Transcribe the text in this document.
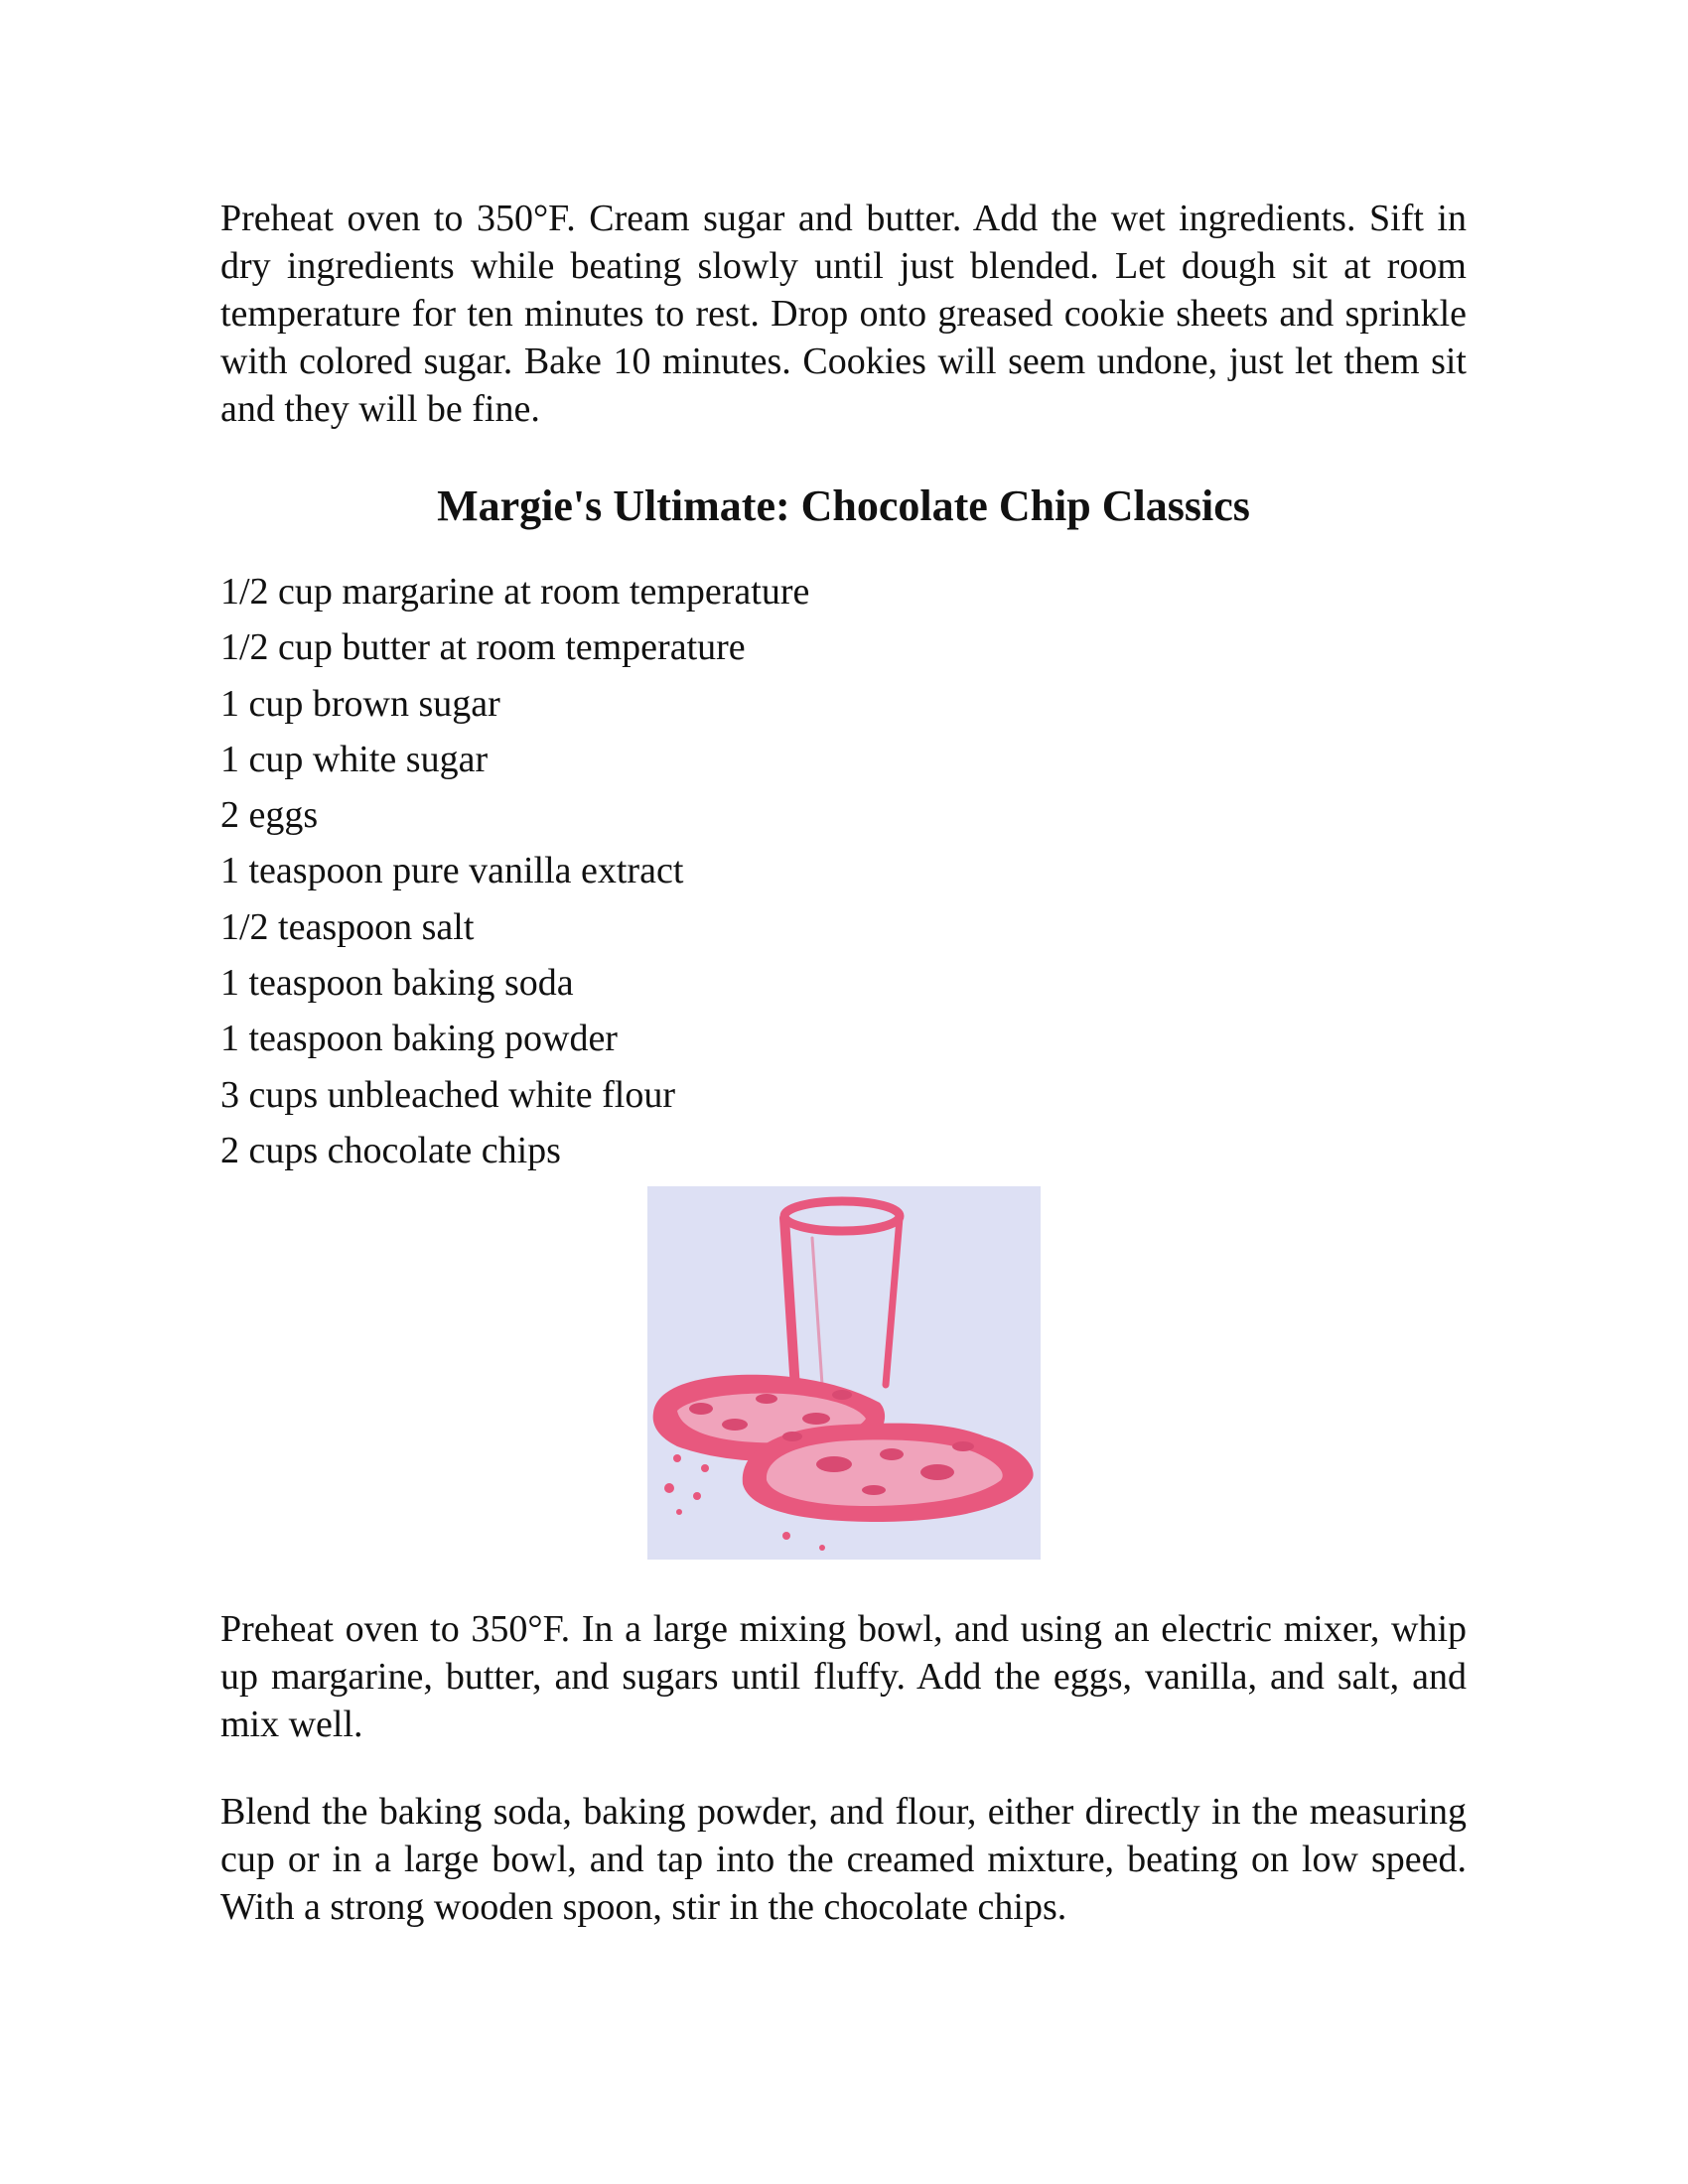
Preheat oven to 350°F. Cream sugar and butter. Add the wet ingredients. Sift in dry ingredients while beating slowly until just blended. Let dough sit at room temperature for ten minutes to rest. Drop onto greased cookie sheets and sprinkle with colored sugar. Bake 10 minutes. Cookies will seem undone, just let them sit and they will be fine.

Margie's Ultimate: Chocolate Chip Classics
1/2 cup margarine at room temperature
1/2 cup butter at room temperature
1 cup brown sugar
1 cup white sugar
2 eggs
1 teaspoon pure vanilla extract
1/2 teaspoon salt
1 teaspoon baking soda
1 teaspoon baking powder
3 cups unbleached white flour
2 cups chocolate chips

Preheat oven to 350°F. In a large mixing bowl, and using an electric mixer, whip up margarine, butter, and sugars until fluffy. Add the eggs, vanilla, and salt, and mix well.

Blend the baking soda, baking powder, and flour, either directly in the measuring cup or in a large bowl, and tap into the creamed mixture, beating on low speed. With a strong wooden spoon, stir in the chocolate chips.
